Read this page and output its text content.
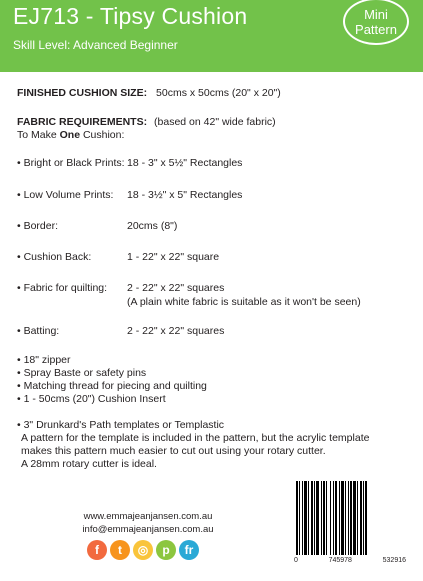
EJ713 - Tipsy Cushion
Skill Level: Advanced Beginner
Mini
Pattern
FINISHED CUSHION SIZE: 50cms x 50cms (20" x 20")
FABRIC REQUIREMENTS: (based on 42" wide fabric)
To Make One Cushion:
• Bright or Black Prints: 18 - 3" x 5½" Rectangles
• Low Volume Prints: 18 - 3½" x 5" Rectangles
• Border:	20cms (8")
• Cushion Back:	1 - 22" x 22" square
• Fabric for quilting: 2 - 22" x 22" squares
(A plain white fabric is suitable as it won't be seen)
• Batting:	2 - 22" x 22" squares
• 18" zipper
• Spray Baste or safety pins
• Matching thread for piecing and quilting
• 1 - 50cms (20") Cushion Insert
• 3" Drunkard's Path templates or Templastic
A pattern for the template is included in the pattern, but the acrylic template
makes this pattern much easier to cut out using your rotary cutter.
A 28mm rotary cutter is ideal.
www.emmajeanjansen.com.au
info@emmajeanjansen.com.au
f	t	◎	p	fr
0	745978	532916
